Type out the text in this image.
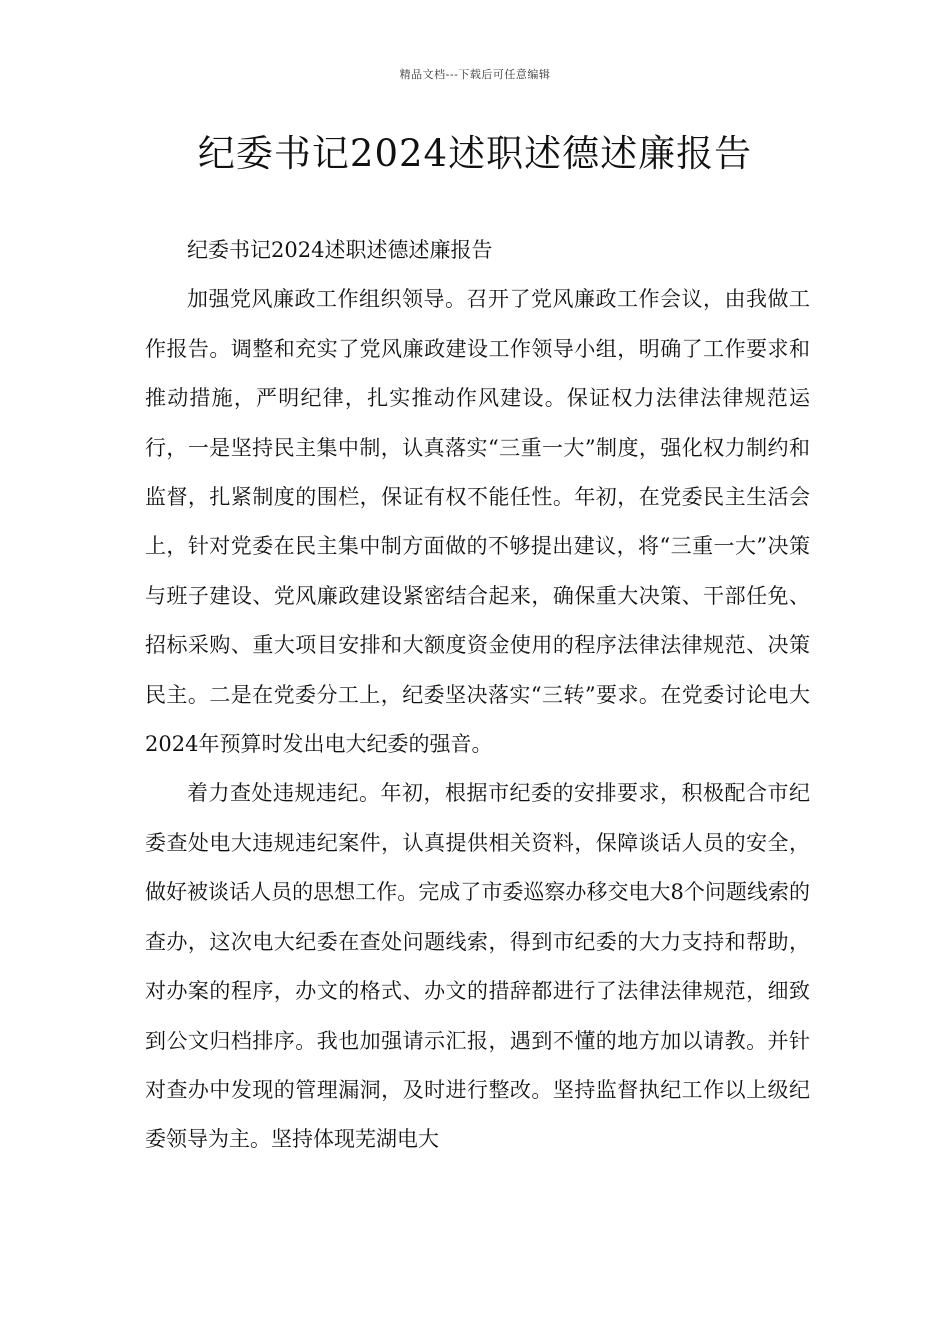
精品文档---下载后可任意编辑
纪委书记2024述职述德述廉报告

纪委书记2024述职述德述廉报告

加强党风廉政工作组织领导。召开了党风廉政工作会议，由我做工作报告。调整和充实了党风廉政建设工作领导小组，明确了工作要求和推动措施，严明纪律，扎实推动作风建设。保证权力法律法律规范运行，一是坚持民主集中制，认真落实“三重一大”制度，强化权力制约和监督，扎紧制度的围栏，保证有权不能任性。年初，在党委民主生活会上，针对党委在民主集中制方面做的不够提出建议，将“三重一大”决策与班子建设、党风廉政建设紧密结合起来，确保重大决策、干部任免、招标采购、重大项目安排和大额度资金使用的程序法律法律规范、决策民主。二是在党委分工上，纪委坚决落实“三转”要求。在党委讨论电大2024年预算时发出电大纪委的强音。

着力查处违规违纪。年初，根据市纪委的安排要求，积极配合市纪委查处电大违规违纪案件，认真提供相关资料，保障谈话人员的安全，做好被谈话人员的思想工作。完成了市委巡察办移交电大8个问题线索的查办，这次电大纪委在查处问题线索，得到市纪委的大力支持和帮助，对办案的程序，办文的格式、办文的措辞都进行了法律法律规范，细致到公文归档排序。我也加强请示汇报，遇到不懂的地方加以请教。并针对查办中发现的管理漏洞，及时进行整改。坚持监督执纪工作以上级纪委领导为主。坚持体现芜湖电大
